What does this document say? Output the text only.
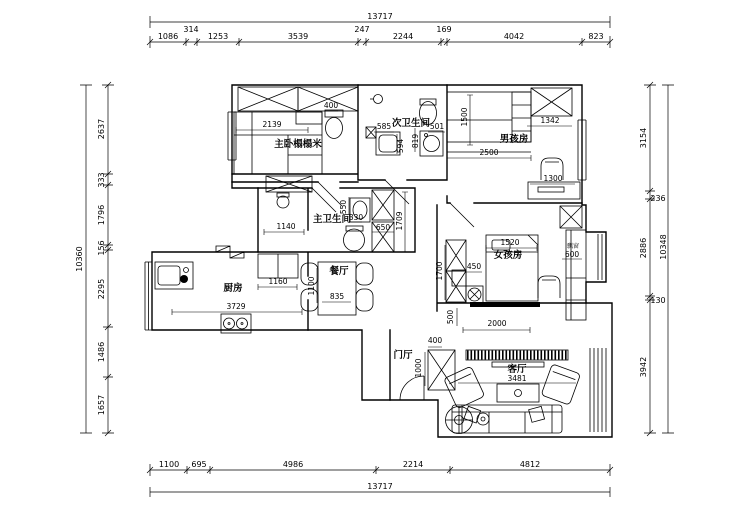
13717
1086
314
1253	3539
247
2244
169
4042	823
1100 695	4986	2214	4812
13717
10360
2637
333
1796
156
2295
1486
1657
3154
236
2886
130
3942
10348
主卧榻榻米
次卫生间
男孩房
主卫生间
厨房
餐厅
女孩房
门厅
客厅
飘窗
2139
400
585	501
594 819
1500	1342
2500
1300
1140
550
330
650 1709
1160
3729
1100
835
1520
450
1700
600
500	2000
400
1000
3481
